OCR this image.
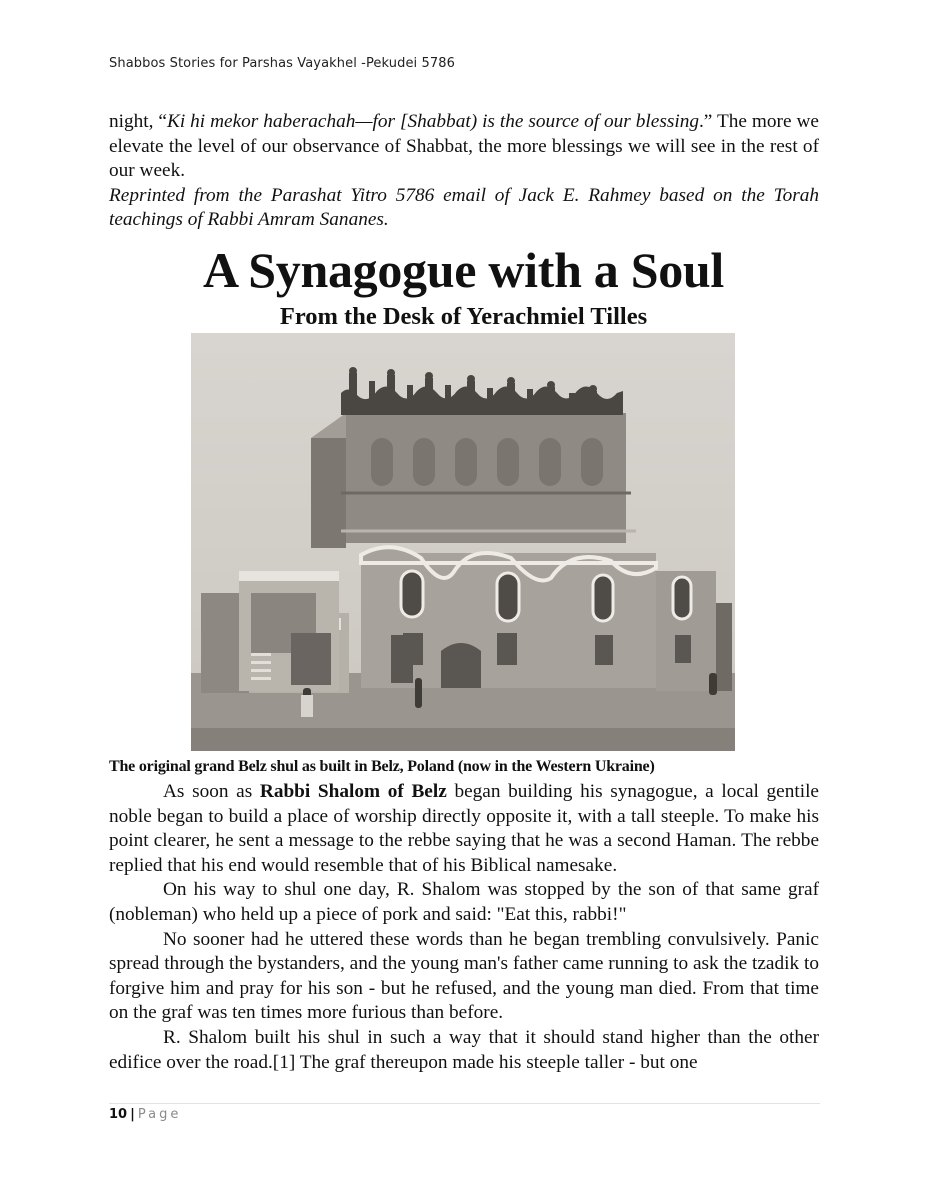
Shabbos Stories for Parshas Vayakhel -Pekudei 5786

night, “Ki hi mekor haberachah—for [Shabbat) is the source of our blessing.” The more we elevate the level of our observance of Shabbat, the more blessings we will see in the rest of our week.

Reprinted from the Parashat Yitro 5786 email of Jack E. Rahmey based on the Torah teachings of Rabbi Amram Sananes.

A Synagogue with a Soul
From the Desk of Yerachmiel Tilles
The original grand Belz shul as built in Belz, Poland (now in the Western Ukraine)

As soon as Rabbi Shalom of Belz began building his synagogue, a local gentile noble began to build a place of worship directly opposite it, with a tall steeple. To make his point clearer, he sent a message to the rebbe saying that he was a second Haman. The rebbe replied that his end would resemble that of his Biblical namesake.

On his way to shul one day, R. Shalom was stopped by the son of that same graf (nobleman) who held up a piece of pork and said: "Eat this, rabbi!"

No sooner had he uttered these words than he began trembling convulsively. Panic spread through the bystanders, and the young man's father came running to ask the tzadik to forgive him and pray for his son - but he refused, and the young man died. From that time on the graf was ten times more furious than before.

R. Shalom built his shul in such a way that it should stand higher than the other edifice over the road.[1] The graf thereupon made his steeple taller - but one

10 | Page
